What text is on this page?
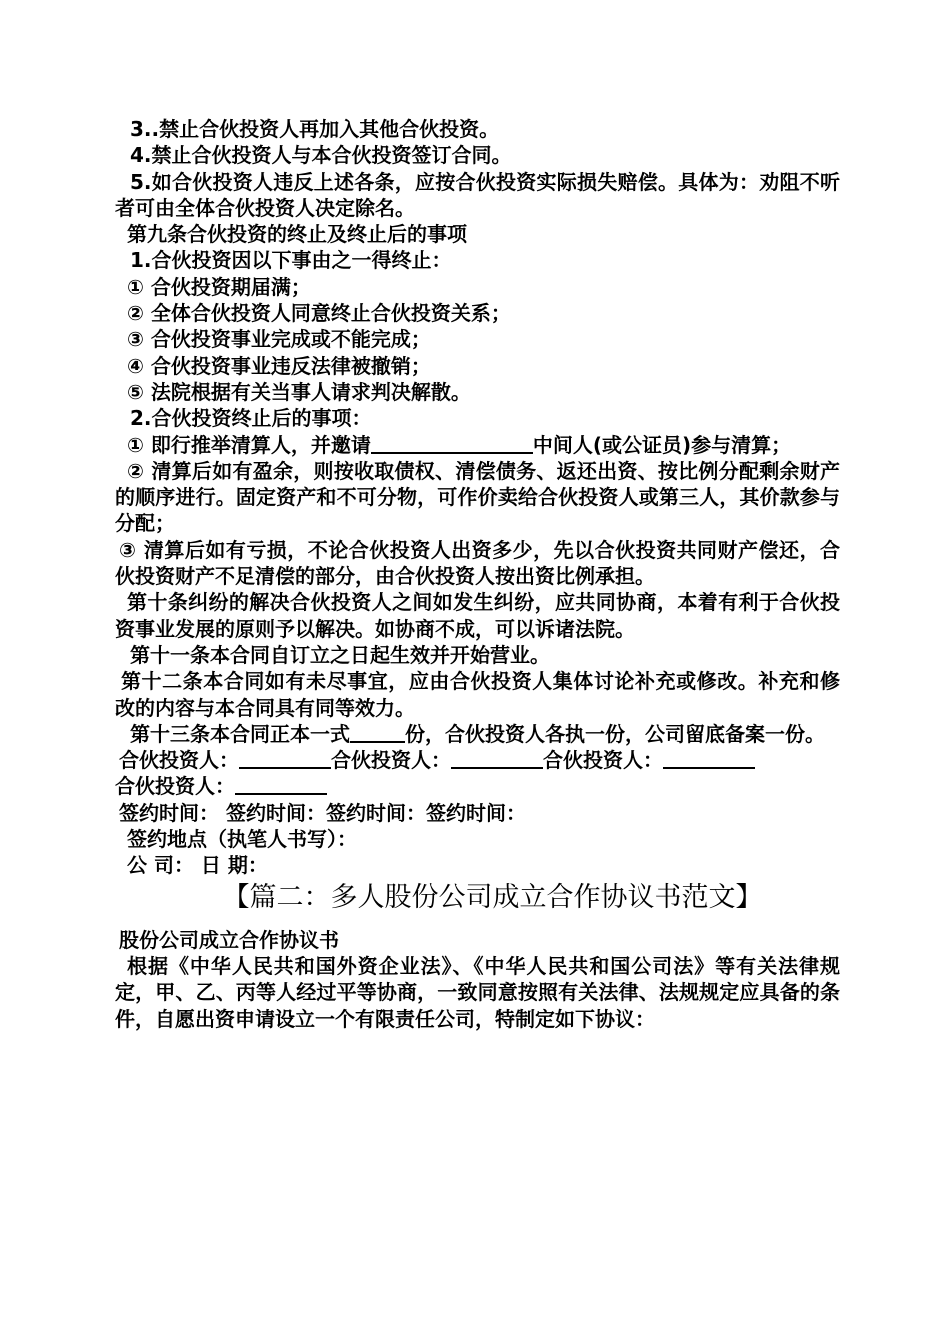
3..禁止合伙投资人再加入其他合伙投资。
4.禁止合伙投资人与本合伙投资签订合同。
5.如合伙投资人违反上述各条，应按合伙投资实际损失赔偿。具体为：劝阻不听者可由全体合伙投资人决定除名。
第九条合伙投资的终止及终止后的事项
1.合伙投资因以下事由之一得终止：
① 合伙投资期届满；
② 全体合伙投资人同意终止合伙投资关系；
③ 合伙投资事业完成或不能完成；
④ 合伙投资事业违反法律被撤销；
⑤ 法院根据有关当事人请求判决解散。
2.合伙投资终止后的事项：
① 即行推举清算人，并邀请	中间人(或公证员)参与清算；
② 清算后如有盈余，则按收取债权、清偿债务、返还出资、按比例分配剩余财产的顺序进行。固定资产和不可分物，可作价卖给合伙投资人或第三人，其价款参与分配；
③ 清算后如有亏损，不论合伙投资人出资多少，先以合伙投资共同财产偿还，合伙投资财产不足清偿的部分，由合伙投资人按出资比例承担。
第十条纠纷的解决合伙投资人之间如发生纠纷，应共同协商，本着有利于合伙投资事业发展的原则予以解决。如协商不成，可以诉诸法院。
第十一条本合同自订立之日起生效并开始营业。
第十二条本合同如有未尽事宜，应由合伙投资人集体讨论补充或修改。补充和修改的内容与本合同具有同等效力。
第十三条本合同正本一式	份，合伙投资人各执一份，公司留底备案一份。
合伙投资人：	合伙投资人：	合伙投资人：
合伙投资人：
签约时间： 签约时间：签约时间：签约时间：
签约地点（执笔人书写）：
公 司： 日 期：
【篇二：多人股份公司成立合作协议书范文】
股份公司成立合作协议书
根据《中华人民共和国外资企业法》、《中华人民共和国公司法》等有关法律规定，甲、乙、丙等人经过平等协商，一致同意按照有关法律、法规规定应具备的条件，自愿出资申请设立一个有限责任公司，特制定如下协议：
